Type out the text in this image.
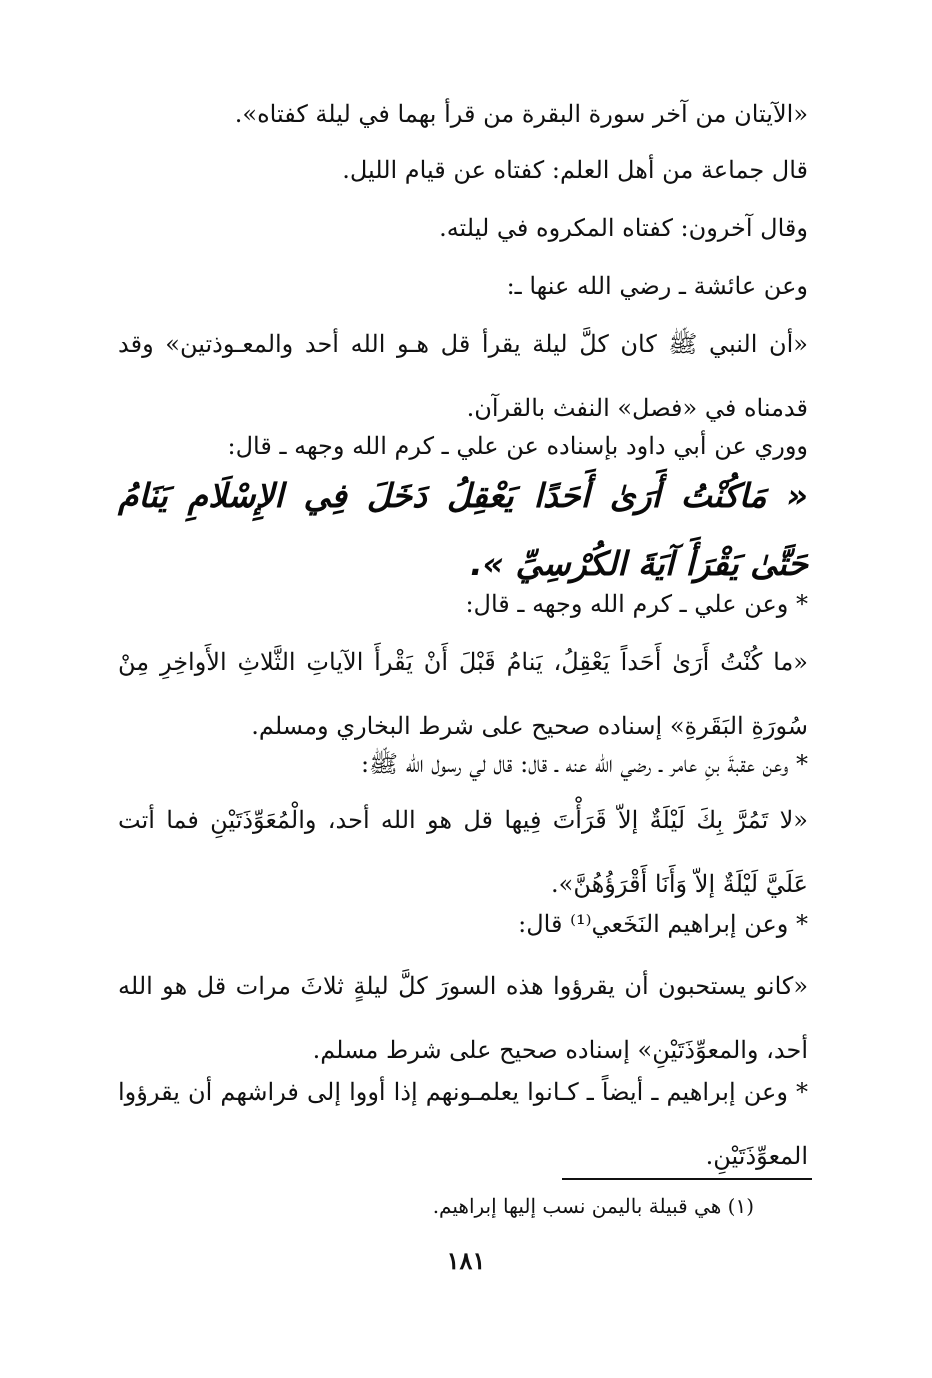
«الآيتان من آخر سورة البقرة من قرأ بهما في ليلة كفتاه».
قال جماعة من أهل العلم: كفتاه عن قيام الليل.
وقال آخرون: كفتاه المكروه في ليلته.
وعن عائشة ـ رضي الله عنها ـ:
«أن النبي ﷺ كان كلَّ ليلة يقرأ قل هـو الله أحد والمعـوذتين» وقد قدمناه في «فصل» النفث بالقرآن.
ووري عن أبي داود بإسناده عن علي ـ كرم الله وجهه ـ قال:
« مَاكُنْتُ أَرَىٰ أَحَدًا يَعْقِلُ دَخَلَ فِي الإِسْلَامِ يَنَامُ حَتَّىٰ يَقْرَأَ آيَةَ الكُرْسِيِّ ».
* وعن علي ـ كرم الله وجهه ـ قال:
«ما كُنْتُ أَرَىٰ أَحَداً يَعْقِلُ، يَنامُ قَبْلَ أَنْ يَقْرأَ الآياتِ الثَّلاثِ الأَواخِرِ مِنْ سُورَةِ البَقَرةِ» إسناده صحيح على شرط البخاري ومسلم.
* وعن عقبةَ بنِ عامر ـ رضي الله عنه ـ قال: قال لي رسول الله ﷺ:
«لا تَمُرَّ بِكَ لَيْلَةٌ إلاّ قَرَأْتَ فِيها قل هو الله أحد، والْمُعَوِّذَتَيْنِ فما أتت عَلَيَّ لَيْلَةٌ إلاّ وَأَنَا أَقْرَؤُهُنَّ».
* وعن إبراهيم النَخَعي⁽¹⁾ قال:
«كانو يستحبون أن يقرؤوا هذه السورَ كلَّ ليلةٍ ثلاثَ مرات قل هو الله أحد، والمعوِّذَتَيْنِ» إسناده صحيح على شرط مسلم.
* وعن إبراهيم ـ أيضاً ـ كـانوا يعلمـونهم إذا أووا إلى فراشهم أن يقرؤوا المعوِّذَتَيْنِ.
(١) هي قبيلة باليمن نسب إليها إبراهيم.
١٨١
